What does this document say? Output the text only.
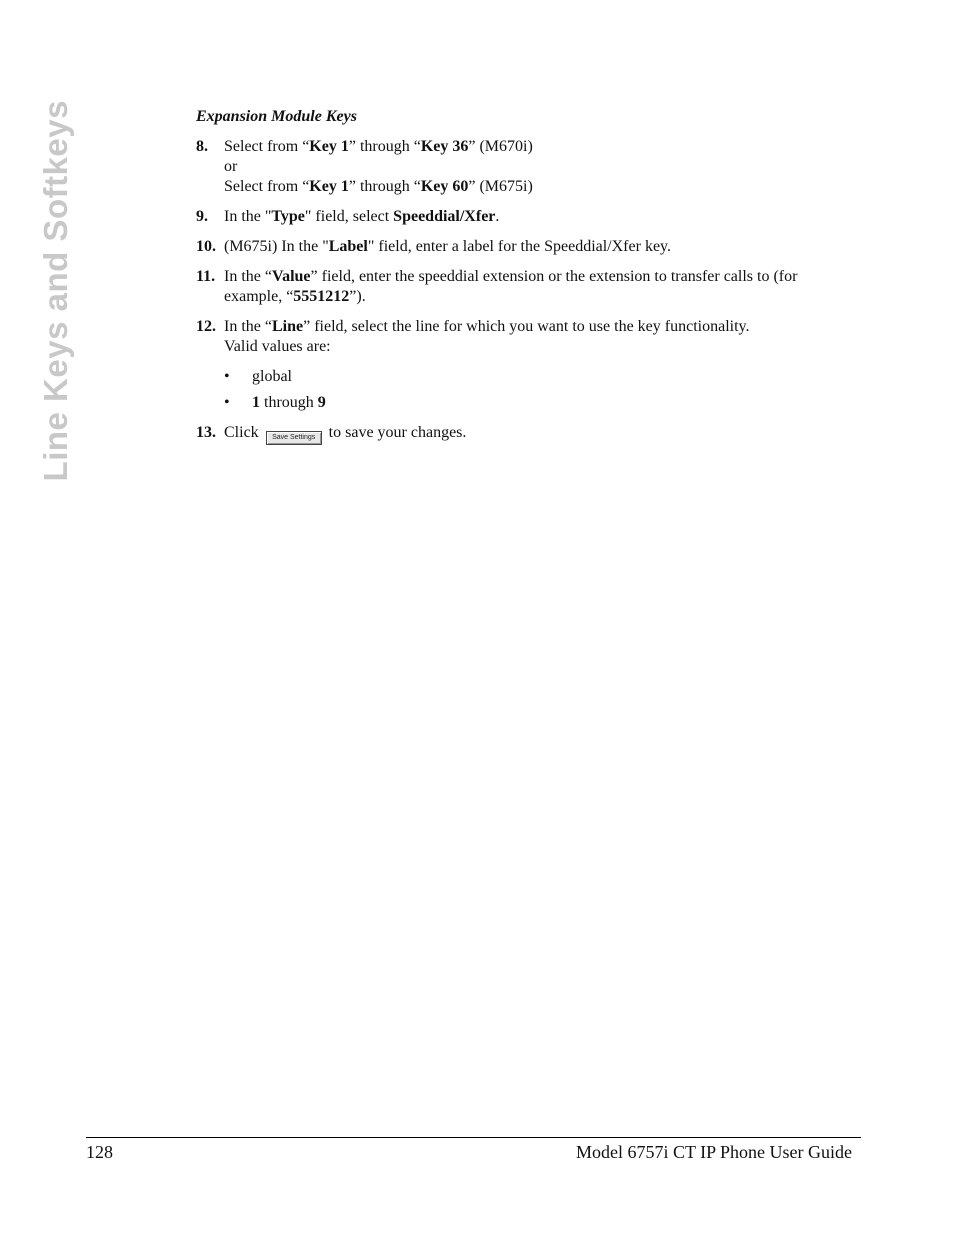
Line Keys and Softkeys	Expansion Module Keys
8. Select from “Key 1” through “Key 36” (M670i)
or
Select from “Key 1” through “Key 60” (M675i)
9. In the "Type" field, select Speeddial/Xfer.
10. (M675i) In the "Label" field, enter a label for the Speeddial/Xfer key.
11. In the “Value” field, enter the speeddial extension or the extension to transfer calls to (for example, “5551212”).
12. In the “Line” field, select the line for which you want to use the key functionality.
Valid values are:
• global
• 1 through 9
13. Click Save Settings to save your changes.
128	Model 6757i CT IP Phone User Guide
